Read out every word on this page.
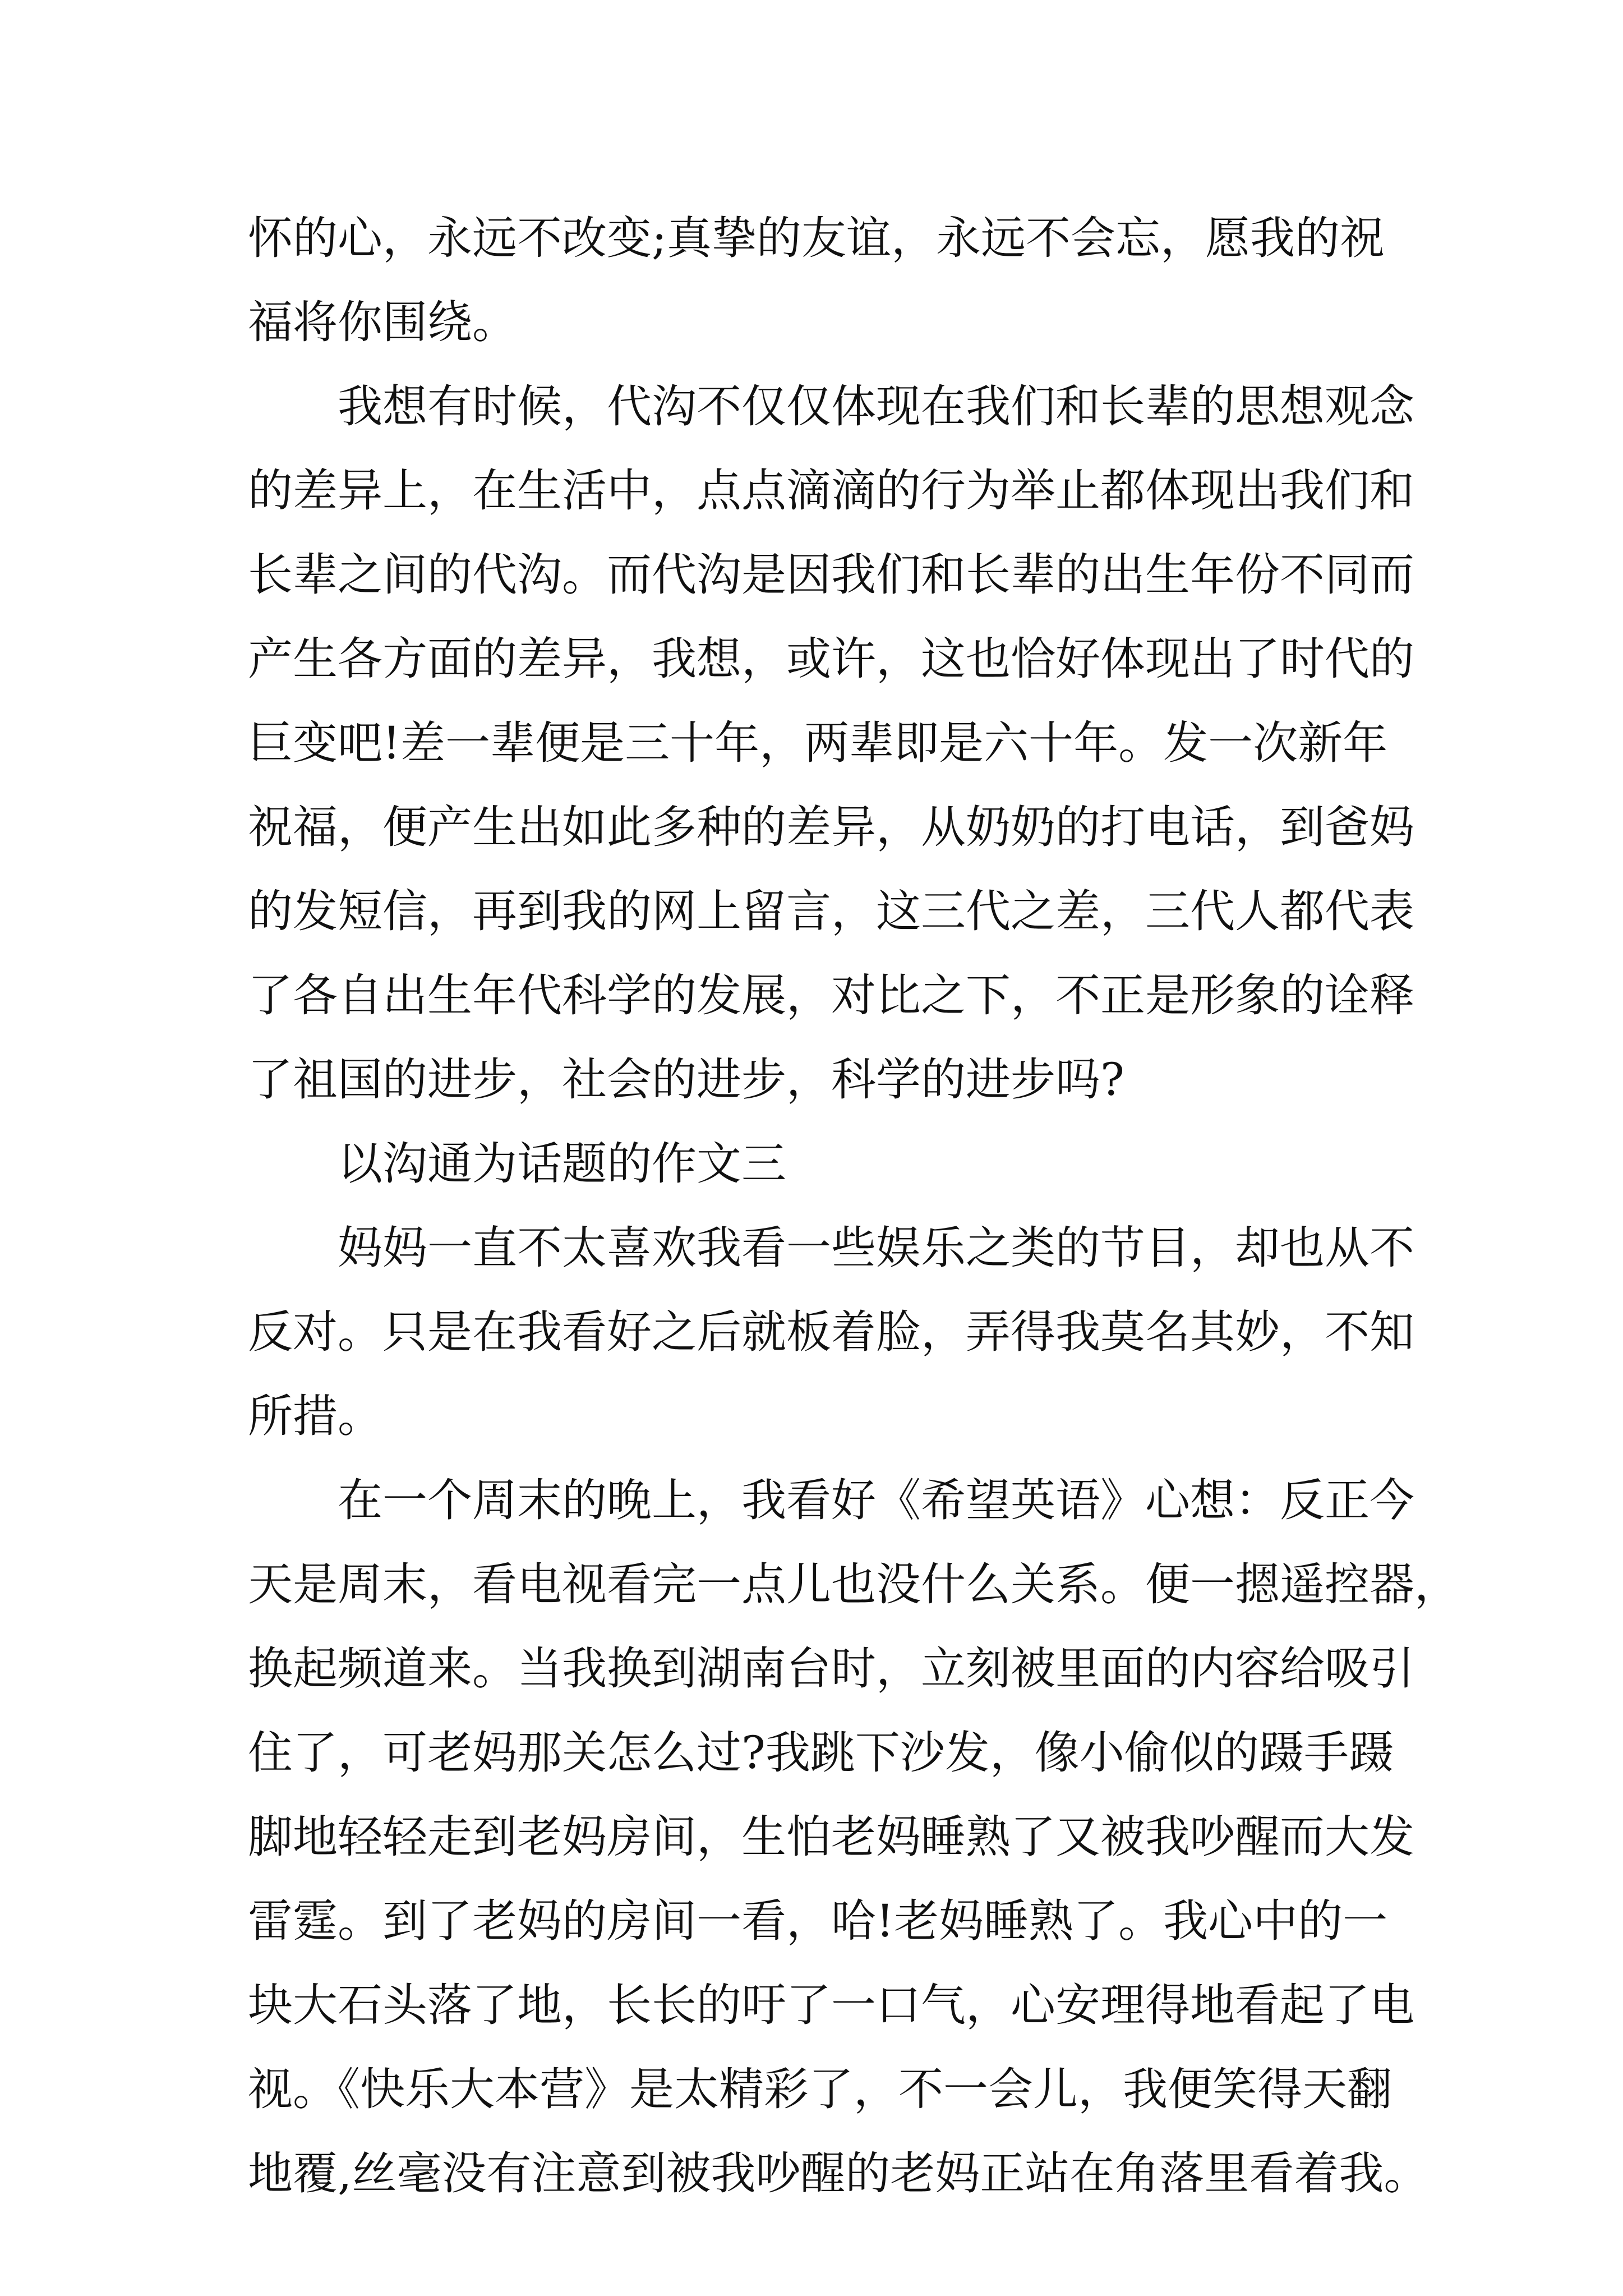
怀的心，永远不改变;真挚的友谊，永远不会忘，愿我的祝
福将你围绕。
　　我想有时候，代沟不仅仅体现在我们和长辈的思想观念
的差异上，在生活中，点点滴滴的行为举止都体现出我们和
长辈之间的代沟。而代沟是因我们和长辈的出生年份不同而
产生各方面的差异，我想，或许，这也恰好体现出了时代的
巨变吧!差一辈便是三十年，两辈即是六十年。发一次新年
祝福，便产生出如此多种的差异，从奶奶的打电话，到爸妈
的发短信，再到我的网上留言，这三代之差，三代人都代表
了各自出生年代科学的发展，对比之下，不正是形象的诠释
了祖国的进步，社会的进步，科学的进步吗?
　　以沟通为话题的作文三
　　妈妈一直不太喜欢我看一些娱乐之类的节目，却也从不
反对。只是在我看好之后就板着脸，弄得我莫名其妙，不知
所措。
　　在一个周末的晚上，我看好《希望英语》心想：反正今
天是周末，看电视看完一点儿也没什么关系。便一摁遥控器，
换起频道来。当我换到湖南台时，立刻被里面的内容给吸引
住了，可老妈那关怎么过?我跳下沙发，像小偷似的蹑手蹑
脚地轻轻走到老妈房间，生怕老妈睡熟了又被我吵醒而大发
雷霆。到了老妈的房间一看，哈!老妈睡熟了。我心中的一
块大石头落了地，长长的吁了一口气，心安理得地看起了电
视。《快乐大本营》是太精彩了，不一会儿，我便笑得天翻
地覆,丝毫没有注意到被我吵醒的老妈正站在角落里看着我。
